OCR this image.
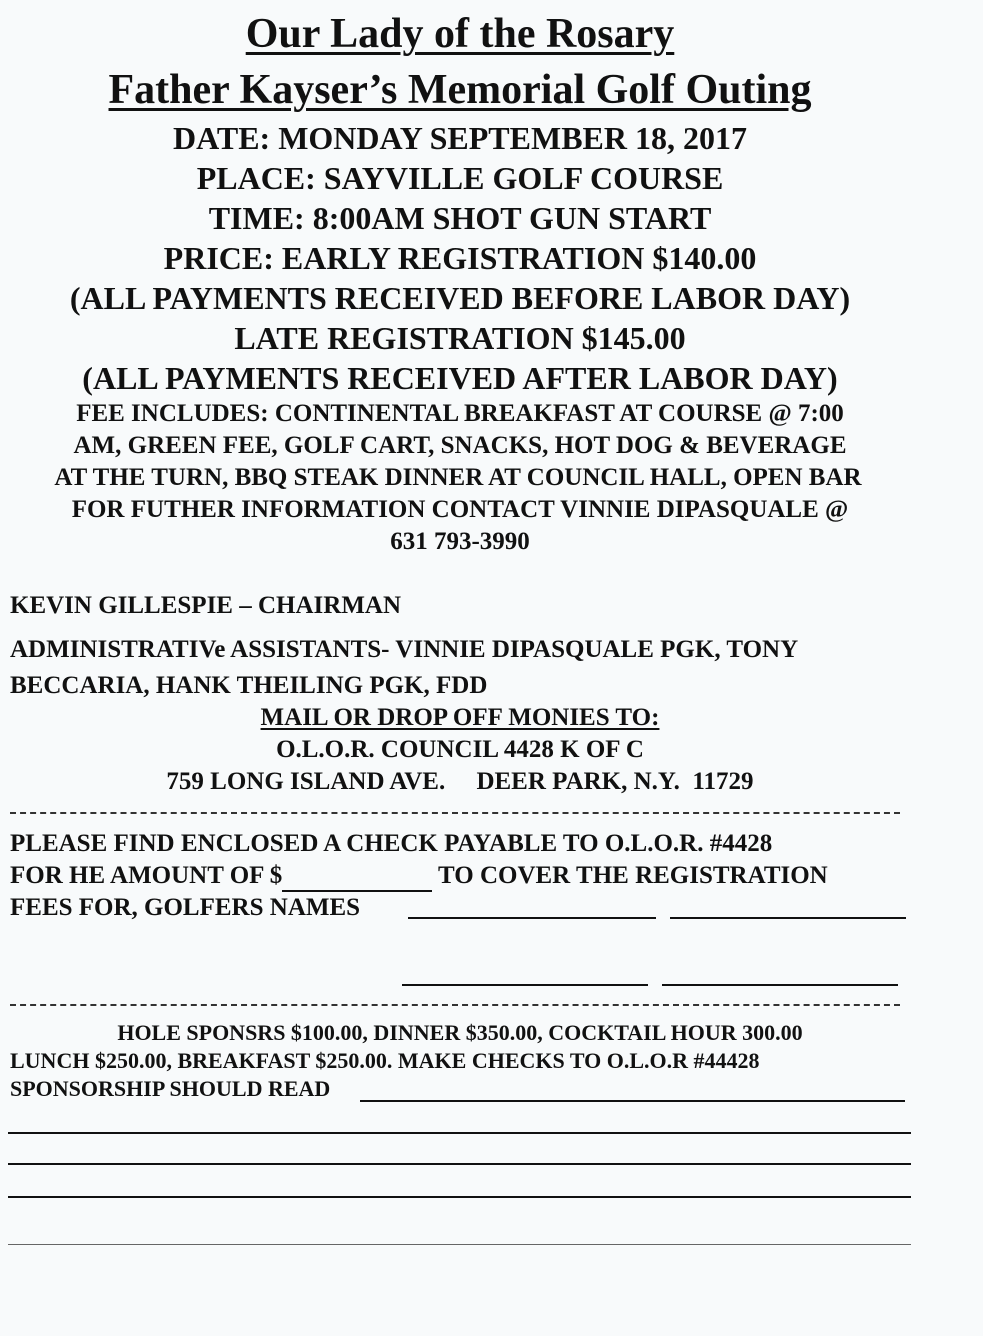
Our Lady of the Rosary
Father Kayser’s Memorial Golf Outing
DATE: MONDAY SEPTEMBER 18, 2017
PLACE: SAYVILLE GOLF COURSE
TIME: 8:00AM SHOT GUN START
PRICE: EARLY REGISTRATION $140.00
(ALL PAYMENTS RECEIVED BEFORE LABOR DAY)
LATE REGISTRATION $145.00
(ALL PAYMENTS RECEIVED AFTER LABOR DAY)
FEE INCLUDES: CONTINENTAL BREAKFAST AT COURSE @ 7:00
AM, GREEN FEE, GOLF CART, SNACKS, HOT DOG & BEVERAGE
AT THE TURN, BBQ STEAK DINNER AT COUNCIL HALL, OPEN BAR
FOR FUTHER INFORMATION CONTACT VINNIE DIPASQUALE @
631 793-3990
KEVIN GILLESPIE – CHAIRMAN
ADMINISTRATIVe ASSISTANTS- VINNIE DIPASQUALE PGK, TONY
BECCARIA, HANK THEILING PGK, FDD
MAIL OR DROP OFF MONIES TO:
O.L.O.R. COUNCIL 4428 K OF C
759 LONG ISLAND AVE.     DEER PARK, N.Y.  11729
PLEASE FIND ENCLOSED A CHECK PAYABLE TO O.L.O.R. #4428
FOR HE AMOUNT OF $	TO COVER THE REGISTRATION
FEES FOR, GOLFERS NAMES
HOLE SPONSRS $100.00, DINNER $350.00, COCKTAIL HOUR 300.00
LUNCH $250.00, BREAKFAST $250.00. MAKE CHECKS TO O.L.O.R #44428
SPONSORSHIP SHOULD READ
